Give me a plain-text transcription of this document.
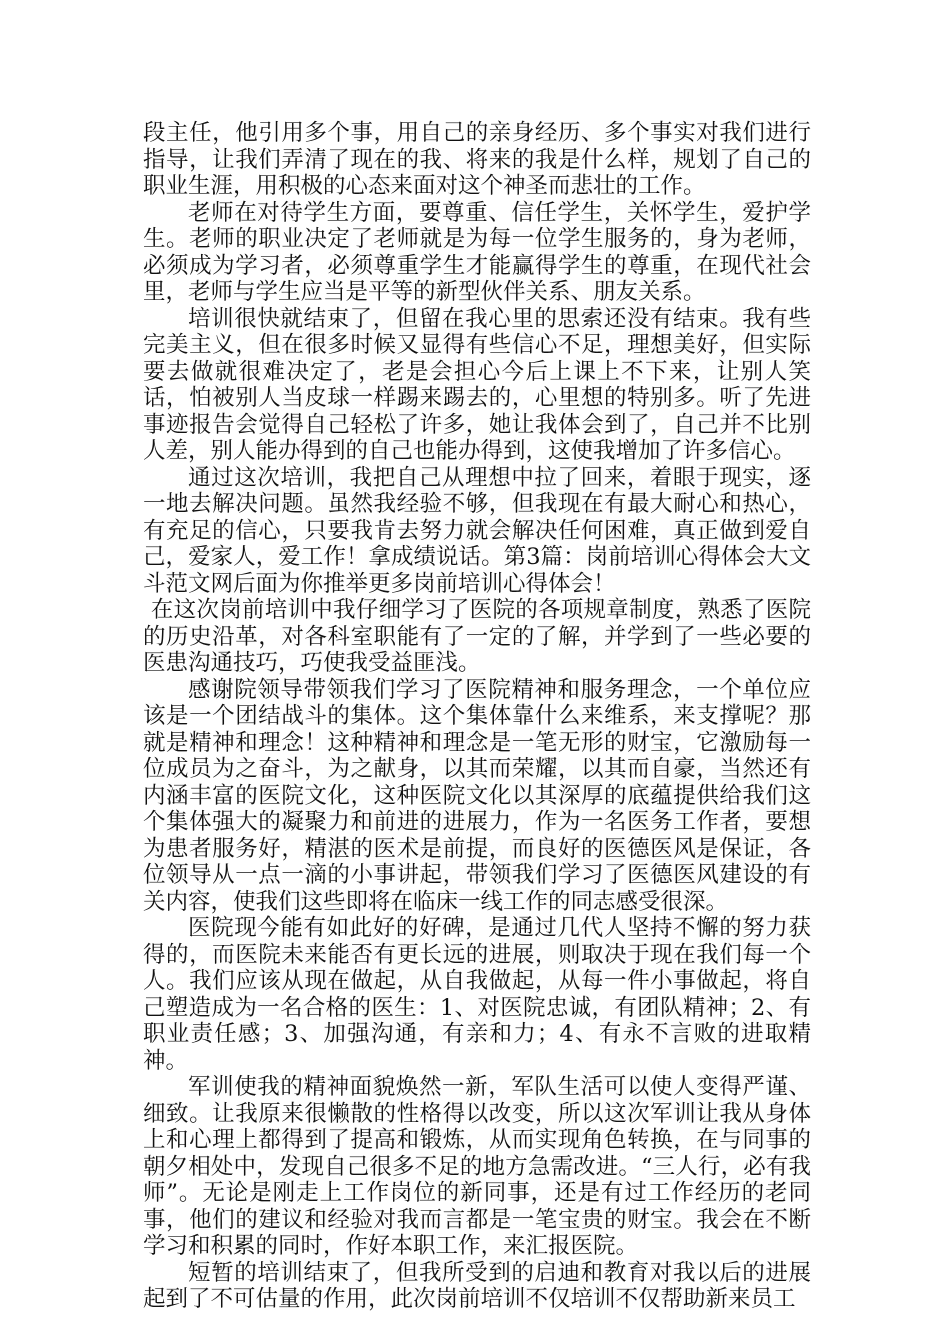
段主任，他引用多个事，用自己的亲身经历、多个事实对我们进行指导，让我们弄清了现在的我、将来的我是什么样，规划了自己的职业生涯，用积极的心态来面对这个神圣而悲壮的工作。

老师在对待学生方面，要尊重、信任学生，关怀学生，爱护学生。老师的职业决定了老师就是为每一位学生服务的，身为老师，必须成为学习者，必须尊重学生才能赢得学生的尊重，在现代社会里，老师与学生应当是平等的新型伙伴关系、朋友关系。

培训很快就结束了，但留在我心里的思索还没有结束。我有些完美主义，但在很多时候又显得有些信心不足，理想美好，但实际要去做就很难决定了，老是会担心今后上课上不下来，让别人笑话，怕被别人当皮球一样踢来踢去的，心里想的特别多。听了先进事迹报告会觉得自己轻松了许多，她让我体会到了，自己并不比别人差，别人能办得到的自己也能办得到，这使我增加了许多信心。

通过这次培训，我把自己从理想中拉了回来，着眼于现实，逐一地去解决问题。虽然我经验不够，但我现在有最大耐心和热心，有充足的信心，只要我肯去努力就会解决任何困难，真正做到爱自己，爱家人，爱工作！拿成绩说话。第3篇：岗前培训心得体会大文斗范文网后面为你推举更多岗前培训心得体会！

在这次岗前培训中我仔细学习了医院的各项规章制度，熟悉了医院的历史沿革，对各科室职能有了一定的了解，并学到了一些必要的医患沟通技巧，巧使我受益匪浅。

感谢院领导带领我们学习了医院精神和服务理念，一个单位应该是一个团结战斗的集体。这个集体靠什么来维系，来支撑呢？那就是精神和理念！这种精神和理念是一笔无形的财宝，它激励每一位成员为之奋斗，为之献身，以其而荣耀，以其而自豪，当然还有内涵丰富的医院文化，这种医院文化以其深厚的底蕴提供给我们这个集体强大的凝聚力和前进的进展力，作为一名医务工作者，要想为患者服务好，精湛的医术是前提，而良好的医德医风是保证，各位领导从一点一滴的小事讲起，带领我们学习了医德医风建设的有关内容，使我们这些即将在临床一线工作的同志感受很深。

医院现今能有如此好的好碑，是通过几代人坚持不懈的努力获得的，而医院未来能否有更长远的进展，则取决于现在我们每一个人。我们应该从现在做起，从自我做起，从每一件小事做起，将自己塑造成为一名合格的医生：1、对医院忠诚，有团队精神；2、有职业责任感；3、加强沟通，有亲和力；4、有永不言败的进取精神。

军训使我的精神面貌焕然一新，军队生活可以使人变得严谨、细致。让我原来很懒散的性格得以改变，所以这次军训让我从身体上和心理上都得到了提高和锻炼，从而实现角色转换，在与同事的朝夕相处中，发现自己很多不足的地方急需改进。“三人行，必有我师”。无论是刚走上工作岗位的新同事，还是有过工作经历的老同事，他们的建议和经验对我而言都是一笔宝贵的财宝。我会在不断学习和积累的同时，作好本职工作，来汇报医院。

短暂的培训结束了，但我所受到的启迪和教育对我以后的进展起到了不可估量的作用，此次岗前培训不仅培训不仅帮助新来员工
